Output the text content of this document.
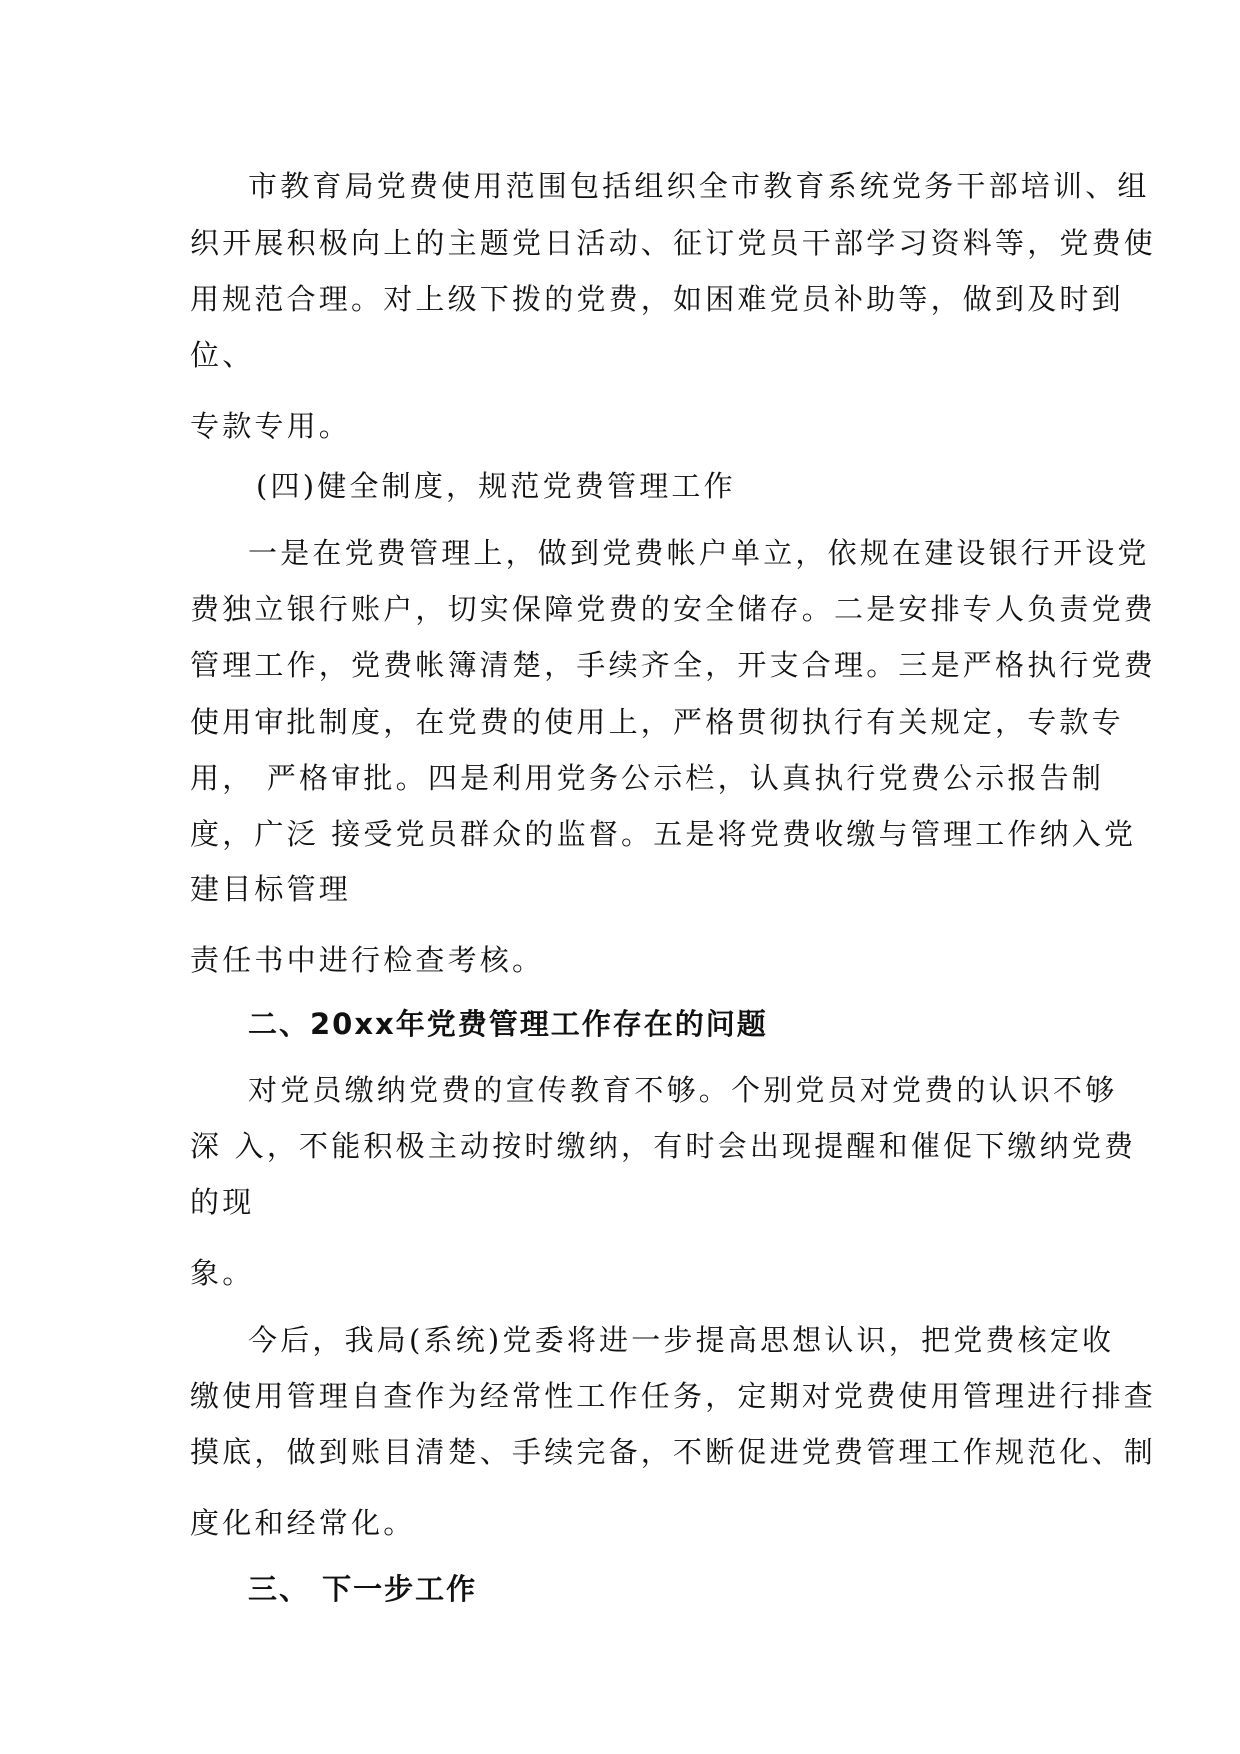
市教育局党费使用范围包括组织全市教育系统党务干部培训、组
织开展积极向上的主题党日活动、征订党员干部学习资料等，党费使
用规范合理。对上级下拨的党费，如困难党员补助等，做到及时到
位、
专款专用。
(四)健全制度，规范党费管理工作
一是在党费管理上，做到党费帐户单立，依规在建设银行开设党
费独立银行账户，切实保障党费的安全储存。二是安排专人负责党费
管理工作，党费帐簿清楚，手续齐全，开支合理。三是严格执行党费
使用审批制度，在党费的使用上，严格贯彻执行有关规定，专款专
用， 严格审批。四是利用党务公示栏，认真执行党费公示报告制
度，广泛 接受党员群众的监督。五是将党费收缴与管理工作纳入党
建目标管理
责任书中进行检查考核。
二、20xx年党费管理工作存在的问题
对党员缴纳党费的宣传教育不够。个别党员对党费的认识不够
深 入，不能积极主动按时缴纳，有时会出现提醒和催促下缴纳党费
的现
象。
今后，我局(系统)党委将进一步提高思想认识，把党费核定收
缴使用管理自查作为经常性工作任务，定期对党费使用管理进行排查
摸底，做到账目清楚、手续完备，不断促进党费管理工作规范化、制
度化和经常化。
三、 下一步工作
